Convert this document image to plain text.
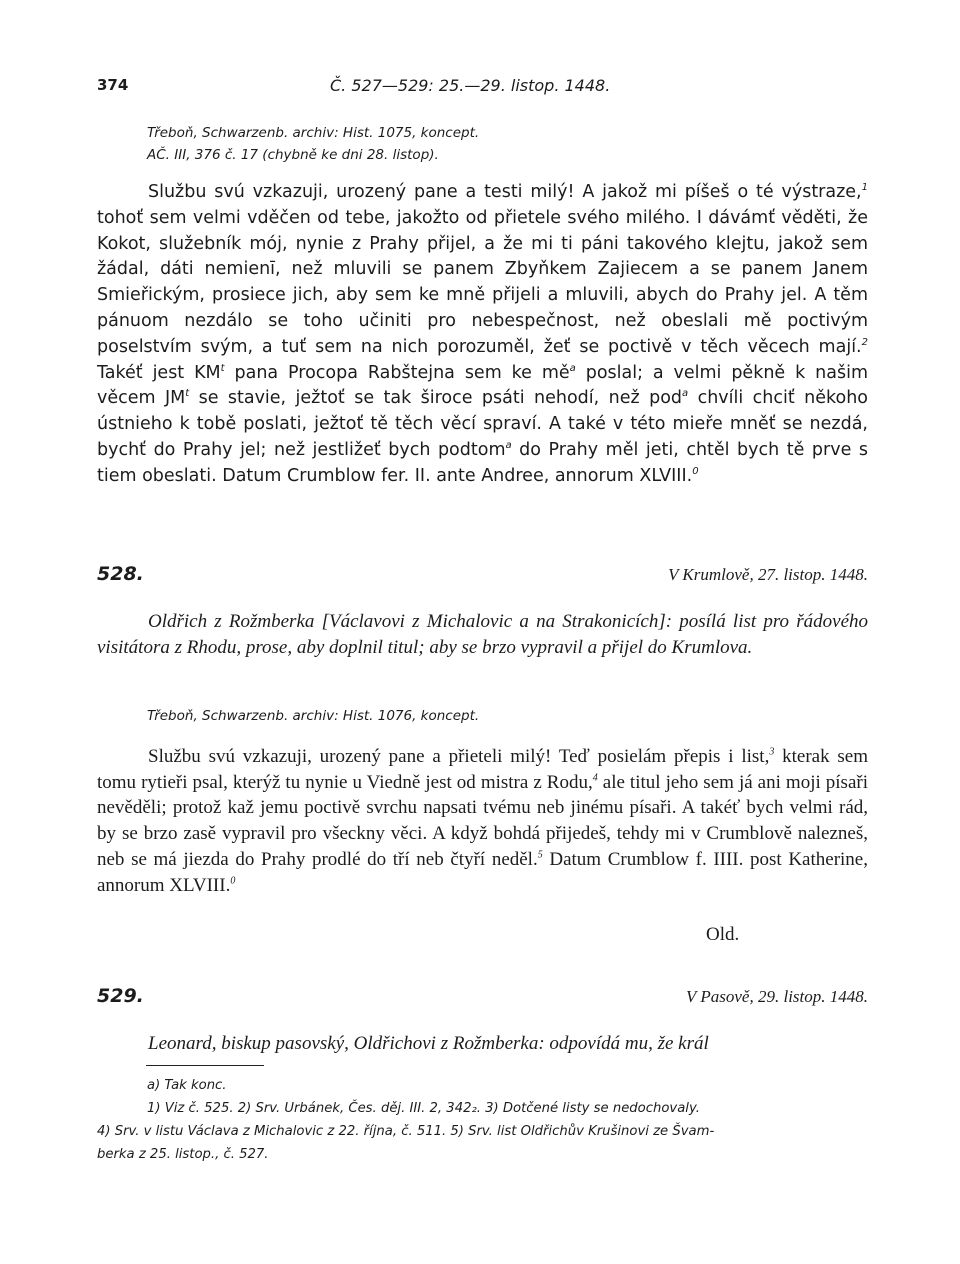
374	Č. 527—529: 25.—29. listop. 1448.
Třeboň, Schwarzenb. archiv: Hist. 1075, koncept.
AČ. III, 376 č. 17 (chybně ke dni 28. listop).

Službu svú vzkazuji, urozený pane a testi milý! A jakož mi píšeš o té výstraze,$^1$ tohoť sem velmi vděčen od tebe, jakožto od přietele svého milého. I dávámť věděti, že Kokot, služebník mój, nynie z Prahy přijel, a že mi ti páni takového klejtu, jakož sem žádal, dáti nemienī, než mluvili se panem Zbyňkem Zajiecem a se panem Janem Smieřickým, prosiece jich, aby sem ke mně přijeli a mluvili, abych do Prahy jel. A těm pánuom nezdálo se toho učiniti pro nebespečnost, než obeslali mě poctivým poselstvím svým, a tuť sem na nich porozuměl, žeť se poctivě v těch věcech mají.$^2$ Takéť jest $KM^t$ pana Procopa Rabštejna sem ke $mě^a$ poslal; a velmi pěkně k našim věcem $JM^t$ se stavie, ježtoť se tak široce psáti nehodí, než pod$^a$ chvíli chciť někoho ústnieho k tobě poslati, ježtoť tě těch věcí spraví. A také v této mieře mněť se nezdá, bychť do Prahy jel; než jestližeť bych podtom$^a$ do Prahy měl jeti, chtěl bych tě prve s tiem obeslati. Datum Crumblow fer. II. ante Andree, annorum XLVIII.$^0$

528.	V Krumlově, 27. listop. 1448.

Oldřich z Rožmberka [Václavovi z Michalovic a na Strakonicích]: posílá list pro řádového visitátora z Rhodu, prose, aby doplnil titul; aby se brzo vypravil a přijel do Krumlova.

Třeboň, Schwarzenb. archiv: Hist. 1076, koncept.

Službu svú vzkazuji, urozený pane a přieteli milý! Teď posielám přepis i list,$^3$ kterak sem tomu rytieři psal, kterýž tu nynie u Viedně jest od mistra z Rodu,$^4$ ale titul jeho sem já ani moji písaři nevěděli; protož kaž jemu poctivě svrchu napsati tvému neb jinému písaři. A takéť bych velmi rád, by se brzo zasě vypravil pro všeckny věci. A když bohdá přijedeš, tehdy mi v Crumblově nalezneš, neb se má jiezda do Prahy prodlé do tří neb čtyří neděl.$^5$ Datum Crumblow f. IIII. post Katherine, annorum XLVIII.$^0$

Old.
529.	V Pasově, 29. listop. 1448.

Leonard, biskup pasovský, Oldřichovi z Rožmberka: odpovídá mu, že král

a) Tak konc.
1) Viz č. 525. 2) Srv. Urbánek, Čes. děj. III. 2, 342₂. 3) Dotčené listy se nedochovaly.
4) Srv. v listu Václava z Michalovic z 22. října, č. 511. 5) Srv. list Oldřichův Krušinovi ze Švam-
berka z 25. listop., č. 527.
